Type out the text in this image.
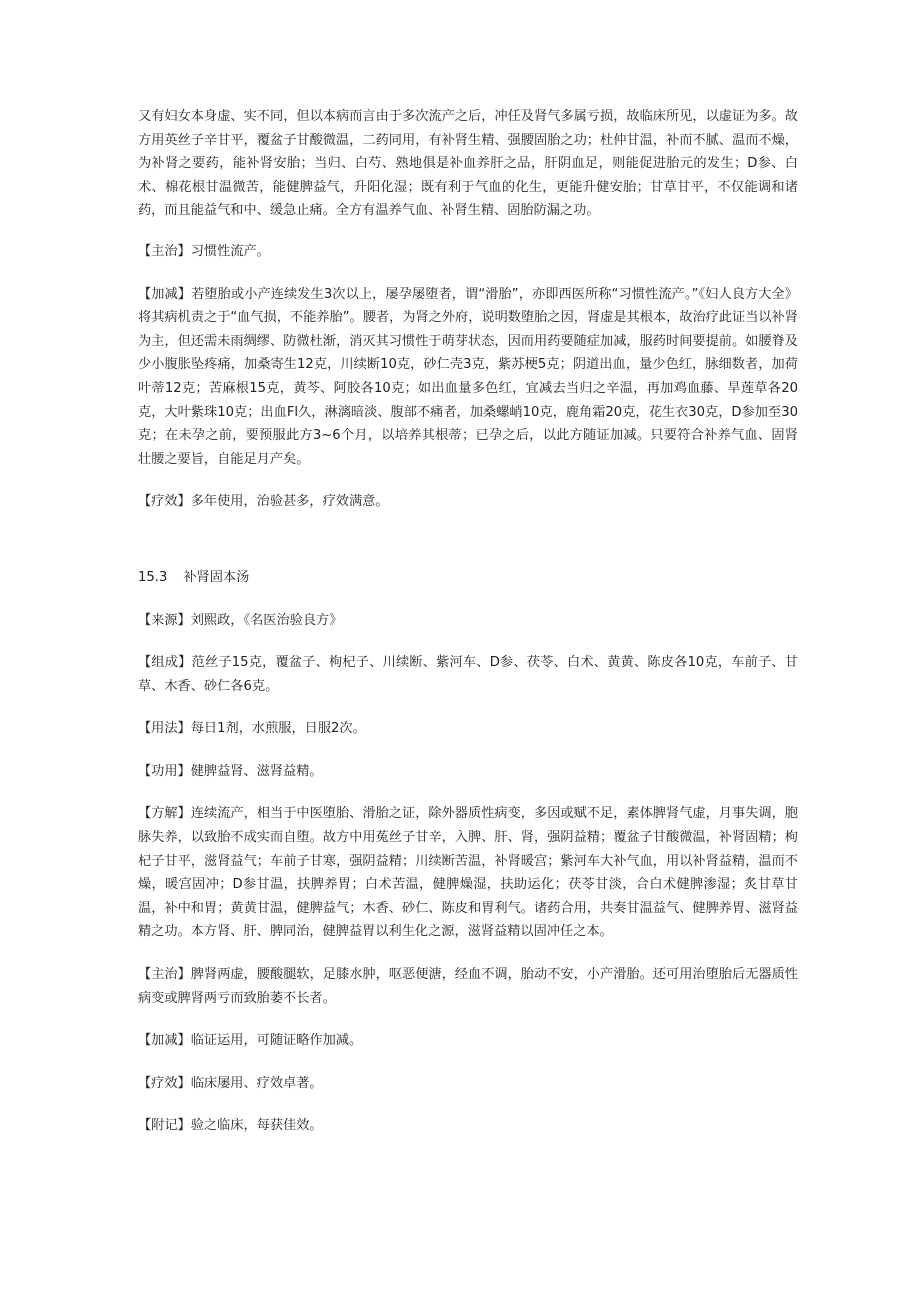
又有妇女本身虚、实不同，但以本病而言由于多次流产之后，冲任及肾气多属亏损，故临床所见，以虚证为多。故方用英丝子辛甘平，覆盆子甘酸微温，二药同用，有补肾生精、强腰固胎之功；杜仲甘温，补而不腻、温而不燥，为补肾之要药，能补肾安胎；当归、白芍、熟地俱是补血养肝之品，肝阴血足，则能促进胎元的发生；D参、白术、棉花根甘温微苦，能健脾益气，升阳化湿；既有利于气血的化生，更能升健安胎；甘草甘平，不仅能调和诸药，而且能益气和中、缓急止痛。全方有温养气血、补肾生精、固胎防漏之功。

【主治】习惯性流产。

【加减】若堕胎或小产连续发生3次以上，屡孕屡堕者，谓“滑胎”，亦即西医所称“习惯性流产。”《妇人良方大全》将其病机责之于“血气损，不能养胎”。腰者，为肾之外府，说明数堕胎之因，肾虚是其根本，故治疗此证当以补肾为主，但还需未雨绸缪、防微杜渐，消灭其习惯性于萌芽状态，因而用药要随症加减，服药时间要提前。如腰脊及少小腹胀坠疼痛，加桑寄生12克，川续断10克，砂仁壳3克，紫苏梗5克；阴道出血，量少色红，脉细数者，加荷叶蒂12克；苦麻根15克，黄芩、阿胶各10克；如出血量多色红，宜减去当归之辛温，再加鸡血藤、旱莲草各20克，大叶紫珠10克；出血Fl久，淋漓暗淡、腹部不痛者，加桑螺峭10克，鹿角霜20克，花生衣30克，D参加至30克；在未孕之前，要预服此方3~6个月，以培养其根蒂；已孕之后，以此方随证加减。只要符合补养气血、固肾壮腰之要旨，自能足月产矣。

【疗效】多年使用，治验甚多，疗效满意。

15.3 补肾固本汤

【来源】刘熙政，《名医治验良方》

【组成】范丝子15克，覆盆子、枸杞子、川续断、紫河车、D参、茯苓、白术、黄黄、陈皮各10克，车前子、甘草、木香、砂仁各6克。

【用法】每日1剂，水煎服，日服2次。

【功用】健脾益肾、滋肾益精。

【方解】连续流产，相当于中医堕胎、滑胎之证，除外器质性病变，多因或赋不足，素体脾肾气虚，月事失调，胞脉失养，以致胎不成实而自堕。故方中用菟丝子甘辛，入脾、肝、肾，强阴益精；覆盆子甘酸微温，补肾固精；枸杞子甘平，滋肾益气；车前子甘寒，强阴益精；川续断苦温，补肾暖宫；紫河车大补气血，用以补肾益精，温而不燥，暖宫固冲；D参甘温，扶脾养胃；白术苦温，健脾燥湿，扶助运化；茯苓甘淡，合白术健脾渗湿；炙甘草甘温，补中和胃；黄黄甘温，健脾益气；木香、砂仁、陈皮和胃利气。诸药合用，共奏甘温益气、健脾养胃、滋肾益精之功。本方肾、肝、脾同治，健脾益胃以利生化之源，滋肾益精以固冲任之本。

【主治】脾肾两虚，腰酸腿软，足膝水肿，呕恶便溏，经血不调，胎动不安，小产滑胎。还可用治堕胎后无器质性病变或脾肾两亏而致胎萎不长者。

【加减】临证运用，可随证略作加减。

【疗效】临床屡用、疗效卓著。

【附记】验之临床，每获佳效。
